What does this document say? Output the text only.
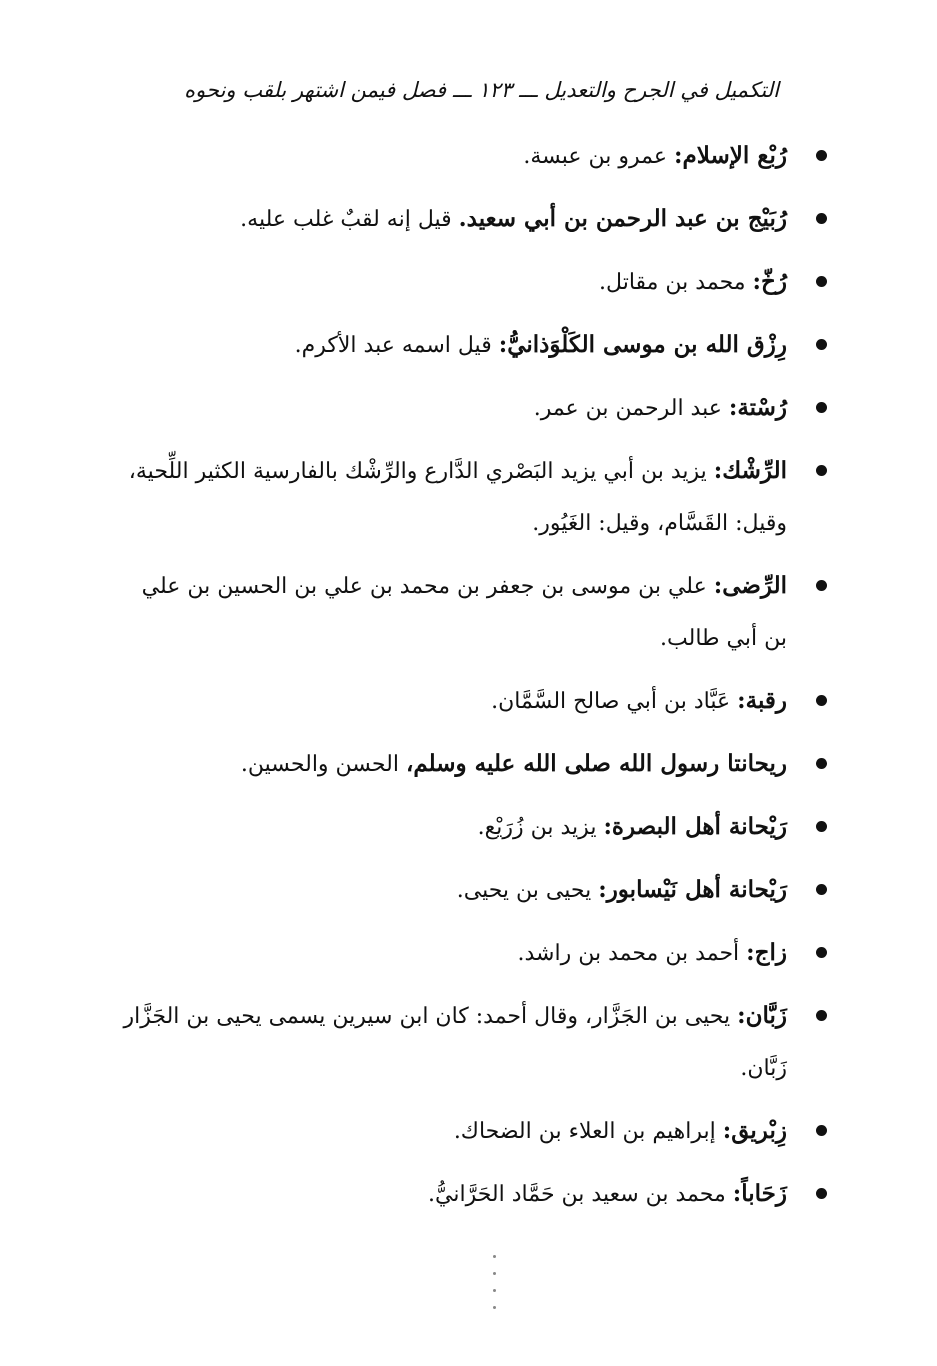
التكميل في الجرح والتعديل ـــ ١٢٣ ـــ فصل فيمن اشتهر بلقب ونحوه
رُبْع الإسلام: عمرو بن عبسة.
رُبَيْج بن عبد الرحمن بن أبي سعيد. قيل إنه لقبٌ غلب عليه.
رُخّ: محمد بن مقاتل.
رِزْق الله بن موسى الكَلْوَذانيُّ: قيل اسمه عبد الأكرم.
رُسْتة: عبد الرحمن بن عمر.
الرِّشْك: يزيد بن أبي يزيد البَصْري الدَّارع والرِّشْك بالفارسية الكثير اللِّحية، وقيل: القَسَّام، وقيل: الغَيُور.
الرِّضى: علي بن موسى بن جعفر بن محمد بن علي بن الحسين بن علي بن أبي طالب.
رقبة: عَبَّاد بن أبي صالح السَّمَّان.
ريحانتا رسول الله صلى الله عليه وسلم، الحسن والحسين.
رَيْحانة أهل البصرة: يزيد بن زُرَيْع.
رَيْحانة أهل نَيْسابور: يحيى بن يحيى.
زاج: أحمد بن محمد بن راشد.
زَبَّان: يحيى بن الجَزَّار، وقال أحمد: كان ابن سيرين يسمى يحيى بن الجَزَّار زَبَّان.
زِبْريق: إبراهيم بن العلاء بن الضحاك.
زَحَاباً: محمد بن سعيد بن حَمَّاد الحَرَّانيُّ.
